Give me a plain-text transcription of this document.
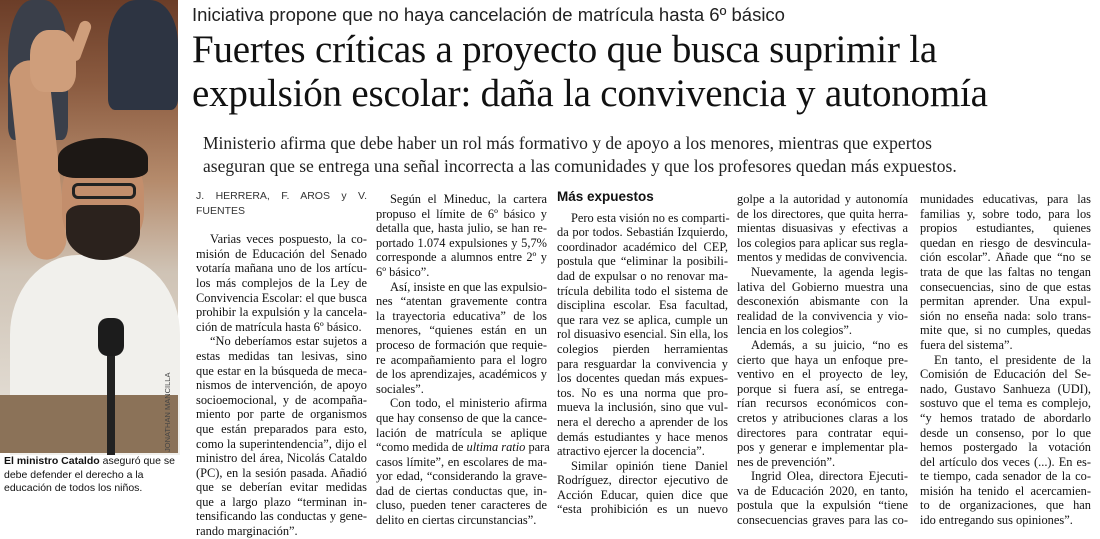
El ministro Cataldo aseguró que se debe defender el derecho a la educación de todos los niños.
Iniciativa propone que no haya cancelación de matrícula hasta 6º básico
Fuertes críticas a proyecto que busca suprimir la
expulsión escolar: daña la convivencia y autonomía
Ministerio afirma que debe haber un rol más formativo y de apoyo a los menores, mientras que expertos
aseguran que se entrega una señal incorrecta a las comunidades y que los profesores quedan más expuestos.
J. HERRERA, F. AROS y V. FUENTES
Varias veces pospuesto, la co-
misión de Educación del Senado
votaría mañana uno de los artícu-
los más complejos de la Ley de
Convivencia Escolar: el que busca
prohibir la expulsión y la cancela-
ción de matrícula hasta 6º básico.
“No deberíamos estar sujetos a
estas medidas tan lesivas, sino
que estar en la búsqueda de meca-
nismos de intervención, de apoyo
socioemocional, y de acompaña-
miento por parte de organismos
que están preparados para esto,
como la superintendencia”, dijo el
ministro del área, Nicolás Cataldo
(PC), en la sesión pasada. Añadió
que se deberían evitar medidas
que a largo plazo “terminan in-
tensificando las conductas y gene-
rando marginación”.
Según el Mineduc, la cartera
propuso el límite de 6º básico y
detalla que, hasta julio, se han re-
portado 1.074 expulsiones y 5,7%
corresponde a alumnos entre 2º y
6º básico”.
Así, insiste en que las expulsio-
nes “atentan gravemente contra
la trayectoria educativa” de los
menores, “quienes están en un
proceso de formación que requie-
re acompañamiento para el logro
de los aprendizajes, académicos y
sociales”.
Con todo, el ministerio afirma
que hay consenso de que la cance-
lación de matrícula se aplique
“como medida de ultima ratio para
casos límite”, en escolares de ma-
yor edad, “considerando la grave-
dad de ciertas conductas que, in-
cluso, pueden tener caracteres de
delito en ciertas circunstancias”.
Más expuestos
Pero esta visión no es comparti-
da por todos. Sebastián Izquierdo,
coordinador académico del CEP,
postula que “eliminar la posibili-
dad de expulsar o no renovar ma-
trícula debilita todo el sistema de
disciplina escolar. Esa facultad,
que rara vez se aplica, cumple un
rol disuasivo esencial. Sin ella, los
colegios pierden herramientas
para resguardar la convivencia y
los docentes quedan más expues-
tos. No es una norma que pro-
mueva la inclusión, sino que vul-
nera el derecho a aprender de los
demás estudiantes y hace menos
atractivo ejercer la docencia”.
Similar opinión tiene Daniel
Rodríguez, director ejecutivo de
Acción Educar, quien dice que
“esta prohibición es un nuevo
golpe a la autoridad y autonomía
de los directores, que quita herra-
mientas disuasivas y efectivas a
los colegios para aplicar sus regla-
mentos y medidas de convivencia.
Nuevamente, la agenda legis-
lativa del Gobierno muestra una
desconexión abismante con la
realidad de la convivencia y vio-
lencia en los colegios”.
Además, a su juicio, “no es
cierto que haya un enfoque pre-
ventivo en el proyecto de ley,
porque si fuera así, se entrega-
rían recursos económicos con-
cretos y atribuciones claras a los
directores para contratar equi-
pos y generar e implementar pla-
nes de prevención”.
Ingrid Olea, directora Ejecuti-
va de Educación 2020, en tanto,
postula que la expulsión “tiene
consecuencias graves para las co-
munidades educativas, para las
familias y, sobre todo, para los
propios estudiantes, quienes
quedan en riesgo de desvincula-
ción escolar”. Añade que “no se
trata de que las faltas no tengan
consecuencias, sino de que estas
permitan aprender. Una expul-
sión no enseña nada: solo trans-
mite que, si no cumples, quedas
fuera del sistema”.
En tanto, el presidente de la
Comisión de Educación del Se-
nado, Gustavo Sanhueza (UDI),
sostuvo que el tema es complejo,
“y hemos tratado de abordarlo
desde un consenso, por lo que
hemos postergado la votación
del artículo dos veces (...). En es-
te tiempo, cada senador de la co-
misión ha tenido el acercamien-
to de organizaciones, que han
ido entregando sus opiniones”.
